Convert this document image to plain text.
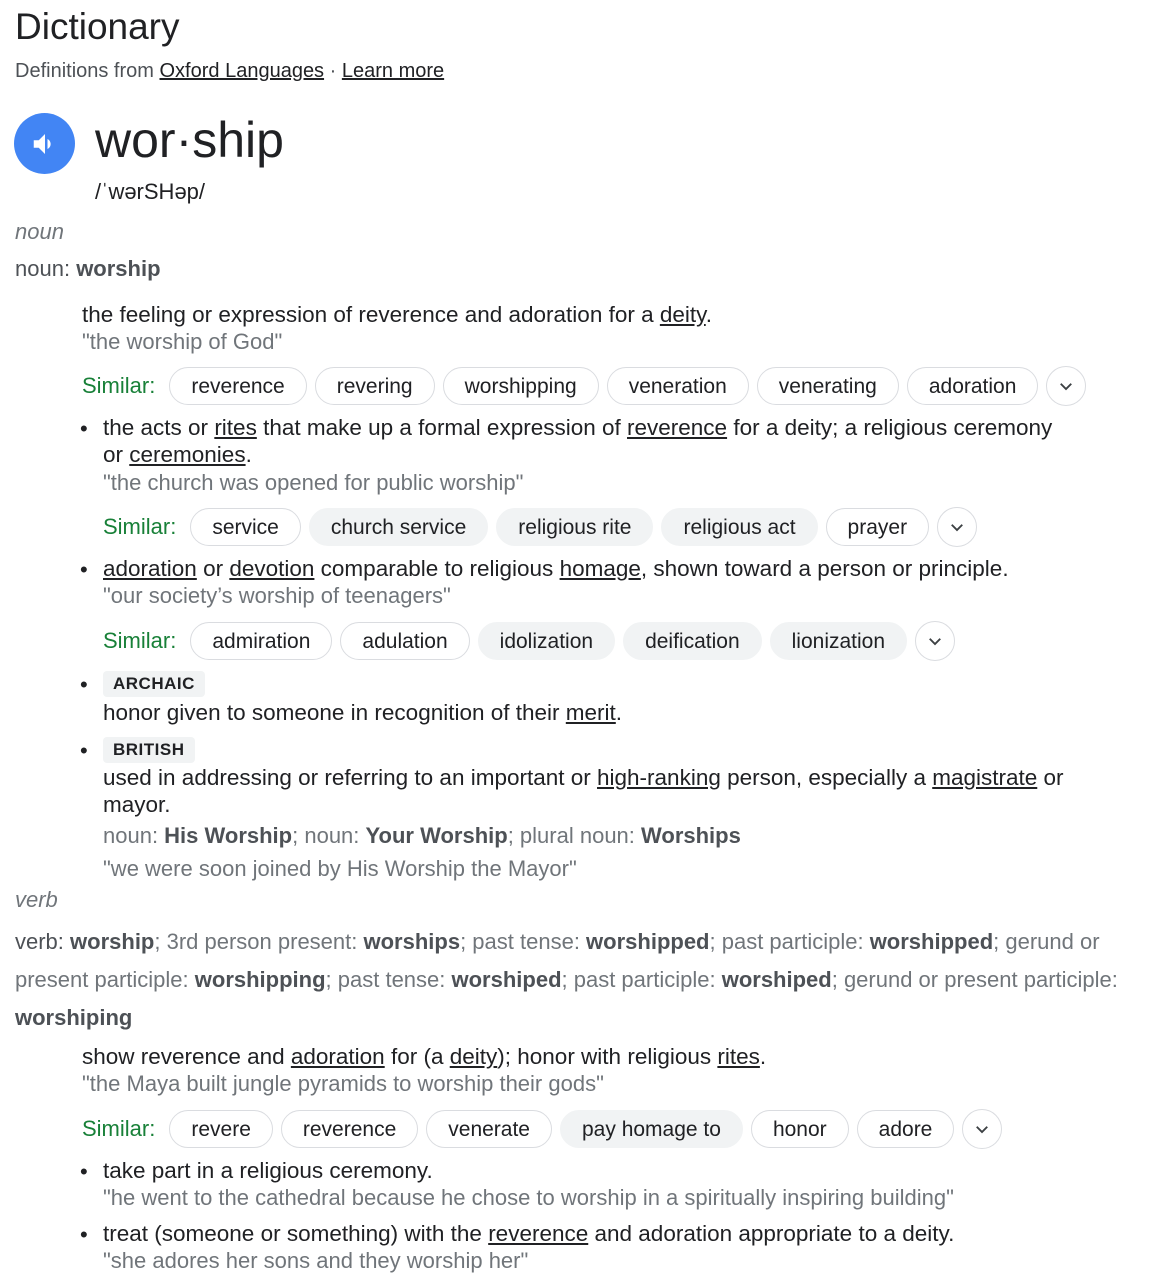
Dictionary
Definitions from Oxford Languages · Learn more
wor·ship
/ˈwərSHəp/
noun
noun: worship
the feeling or expression of reverence and adoration for a deity.
"the worship of God"
Similar:	reverence	revering	worshipping	veneration	venerating	adoration
• the acts or rites that make up a formal expression of reverence for a deity; a religious ceremony
or ceremonies.
"the church was opened for public worship"
Similar:	service	church service	religious rite	religious act	prayer
• adoration or devotion comparable to religious homage, shown toward a person or principle.
"our society’s worship of teenagers"
Similar:	admiration	adulation	idolization	deification	lionization
•	ARCHAIC
honor given to someone in recognition of their merit.
•	BRITISH
used in addressing or referring to an important or high-ranking person, especially a magistrate or
mayor.
noun: His Worship; noun: Your Worship; plural noun: Worships
"we were soon joined by His Worship the Mayor"
verb
verb: worship; 3rd person present: worships; past tense: worshipped; past participle: worshipped; gerund or present participle: worshipping; past tense: worshiped; past participle: worshiped; gerund or present participle: worshiping
show reverence and adoration for (a deity); honor with religious rites.
"the Maya built jungle pyramids to worship their gods"
Similar:	revere	reverence	venerate	pay homage to	honor	adore
• take part in a religious ceremony.
"he went to the cathedral because he chose to worship in a spiritually inspiring building"
• treat (someone or something) with the reverence and adoration appropriate to a deity.
"she adores her sons and they worship her"
